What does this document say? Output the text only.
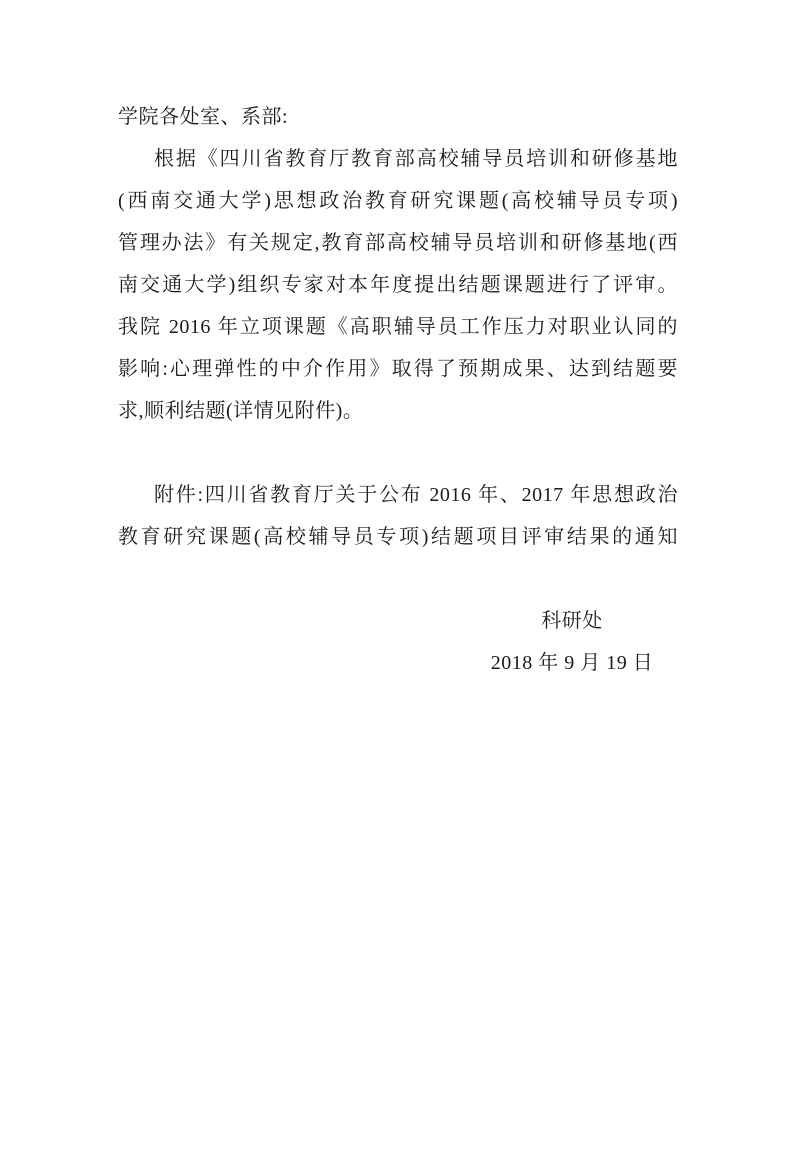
学院各处室、系部:
根据《四川省教育厅教育部高校辅导员培训和研修基地
(西南交通大学)思想政治教育研究课题(高校辅导员专项)
管理办法》有关规定,教育部高校辅导员培训和研修基地(西
南交通大学)组织专家对本年度提出结题课题进行了评审。
我院 2016 年立项课题《高职辅导员工作压力对职业认同的
影响:心理弹性的中介作用》取得了预期成果、达到结题要
求,顺利结题(详情见附件)。
附件:四川省教育厅关于公布 2016 年、2017 年思想政治
教育研究课题(高校辅导员专项)结题项目评审结果的通知
科研处
2018 年 9 月 19 日
